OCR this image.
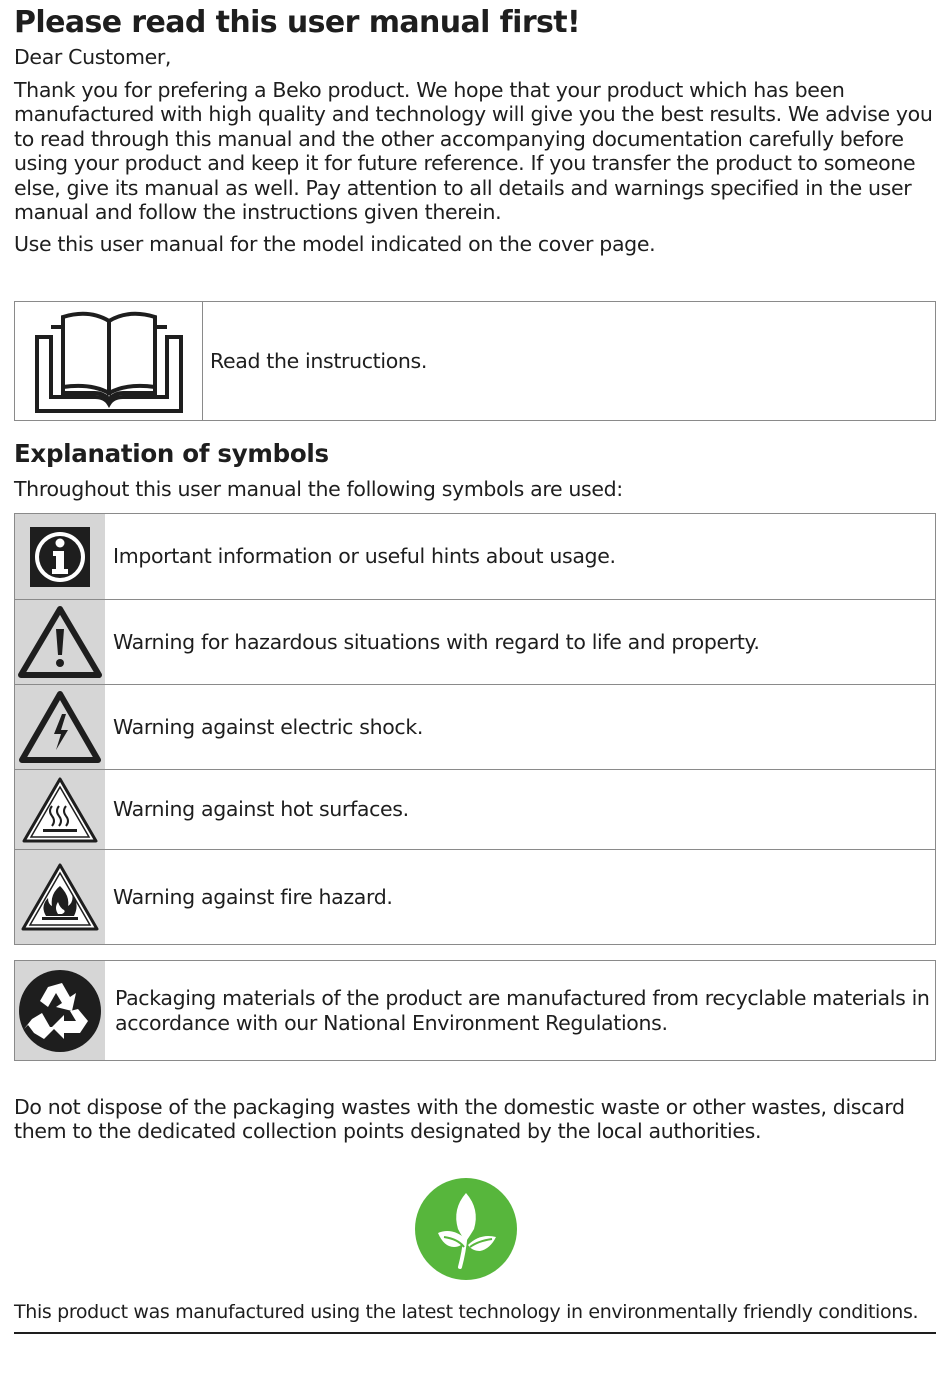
Please read this user manual first!
Dear Customer,
Thank you for prefering a Beko product. We hope that your product which has been
manufactured with high quality and technology will give you the best results. We advise you
to read through this manual and the other accompanying documentation carefully before
using your product and keep it for future reference. If you transfer the product to someone
else, give its manual as well. Pay attention to all details and warnings specified in the user
manual and follow the instructions given therein.
Use this user manual for the model indicated on the cover page.
Read the instructions.
Explanation of symbols
Throughout this user manual the following symbols are used:
Important information or useful hints about usage.
Warning for hazardous situations with regard to life and property.
Warning against electric shock.
Warning against hot surfaces.
Warning against fire hazard.
Packaging materials of the product are manufactured from recyclable materials in
accordance with our National Environment Regulations.
Do not dispose of the packaging wastes with the domestic waste or other wastes, discard
them to the dedicated collection points designated by the local authorities.
This product was manufactured using the latest technology in environmentally friendly conditions.
